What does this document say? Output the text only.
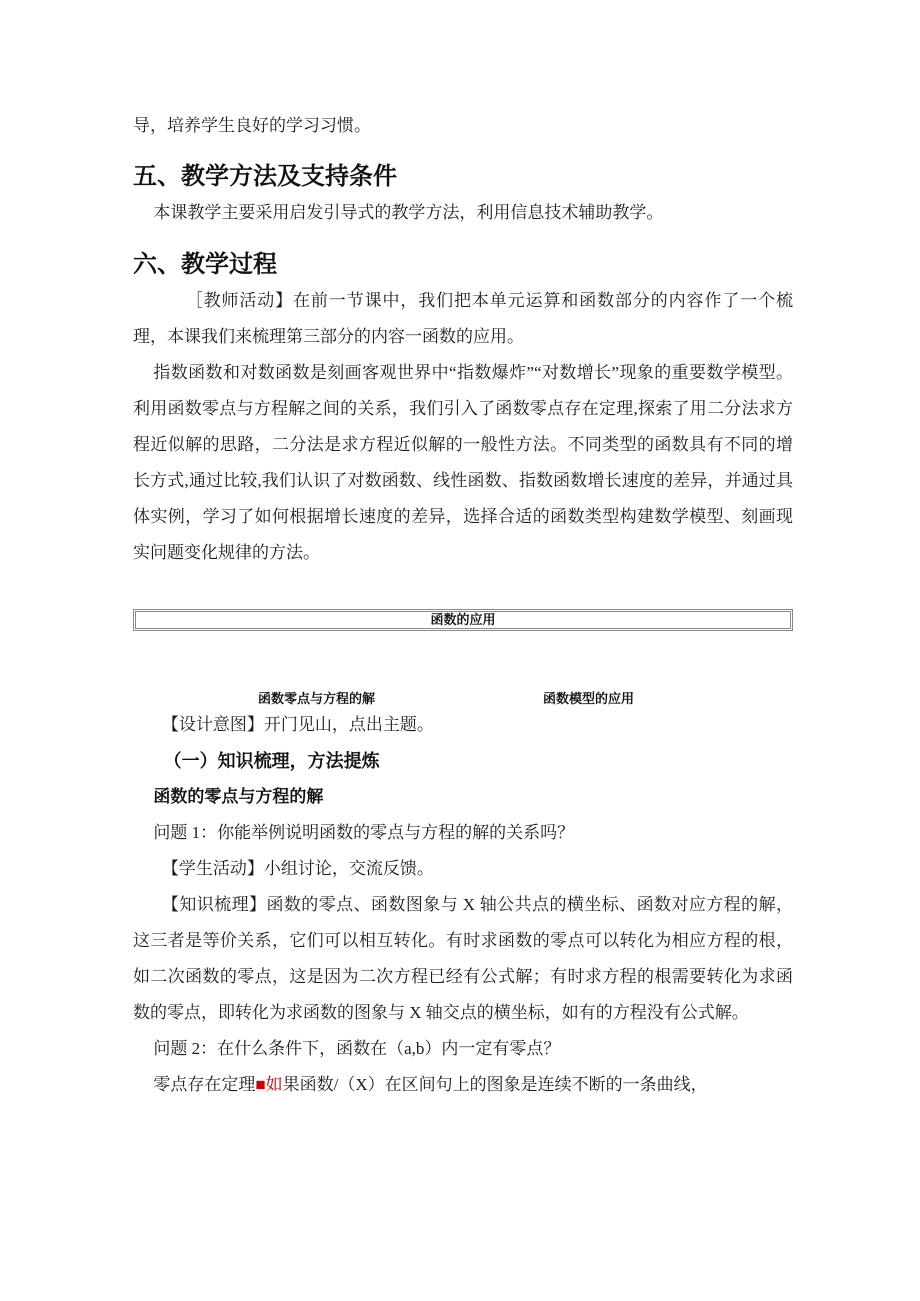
导，培养学生良好的学习习惯。

五、教学方法及支持条件

本课教学主要采用启发引导式的教学方法，利用信息技术辅助教学。

六、教学过程

［教师活动】在前一节课中，我们把本单元运算和函数部分的内容作了一个梳理，本课我们来梳理第三部分的内容一函数的应用。

指数函数和对数函数是刻画客观世界中“指数爆炸”“对数增长”现象的重要数学模型。利用函数零点与方程解之间的关系，我们引入了函数零点存在定理,探索了用二分法求方程近似解的思路，二分法是求方程近似解的一般性方法。不同类型的函数具有不同的增长方式,通过比较,我们认识了对数函数、线性函数、指数函数增长速度的差异，并通过具体实例，学习了如何根据增长速度的差异，选择合适的函数类型构建数学模型、刻画现实问题变化规律的方法。

函数的应用
函数零点与方程的解	函数模型的应用

【设计意图】开门见山，点出主题。

（一）知识梳理，方法提炼

函数的零点与方程的解

问题 1：你能举例说明函数的零点与方程的解的关系吗？

【学生活动】小组讨论，交流反馈。

【知识梳理】函数的零点、函数图象与 X 轴公共点的横坐标、函数对应方程的解，这三者是等价关系，它们可以相互转化。有时求函数的零点可以转化为相应方程的根，如二次函数的零点，这是因为二次方程已经有公式解；有时求方程的根需要转化为求函数的零点，即转化为求函数的图象与 X 轴交点的横坐标，如有的方程没有公式解。

问题 2：在什么条件下，函数在（a,b）内一定有零点？

零点存在定理■如果函数/（X）在区间句上的图象是连续不断的一条曲线，
